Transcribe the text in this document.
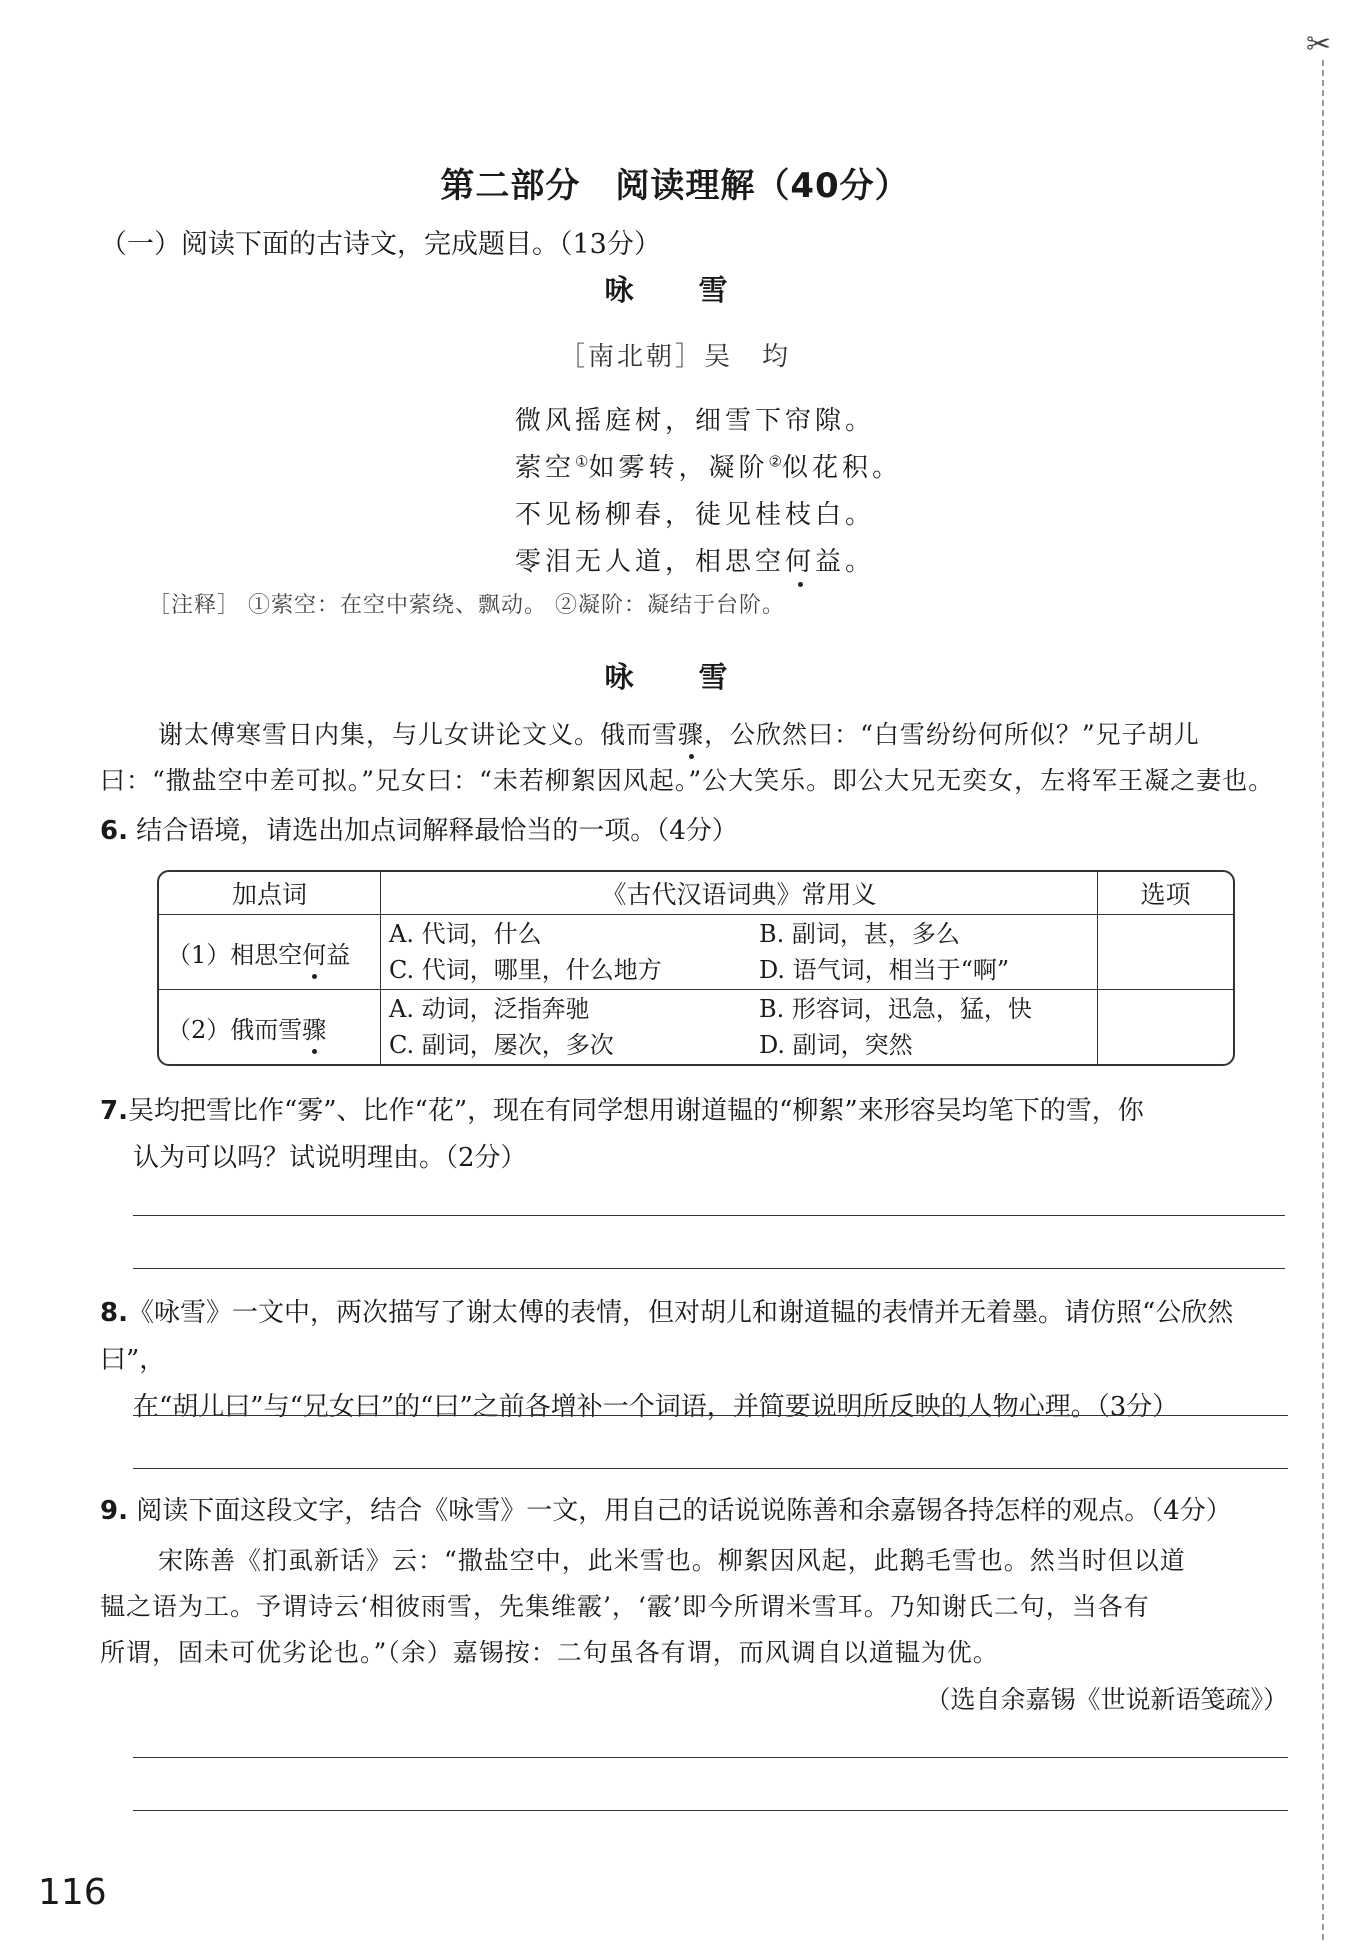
✂
第二部分　阅读理解（40分）
（一）阅读下面的古诗文，完成题目。（13分）
咏　雪
［南北朝］吴　均
微风摇庭树，细雪下帘隙。
萦空①如雾转，凝阶②似花积。
不见杨柳春，徒见桂枝白。
零泪无人道，相思空何
益。
［注释］ ①萦空：在空中萦绕、飘动。 ②凝阶：凝结于台阶。
咏　雪
谢太傅寒雪日内集，与儿女讲论文义。俄而雪骤
，公欣然曰：“白雪纷纷何所似？”兄子胡儿曰：“撒盐空中差可拟。”兄女曰：“未若柳絮因风起。”公大笑乐。即公大兄无奕女，左将军王凝之妻也。
6. 结合语境，请选出加点词解释最恰当的一项。（4分）
加点词	《古代汉语词典》常用义	选项
（1）相思空何
益	A. 代词，什么 B. 副词，甚，多么
C. 代词，哪里，什么地方 D. 语气词，相当于“啊”	

（2）俄而雪骤	A. 动词，泛指奔驰 B. 形容词，迅急，猛，快
C. 副词，屡次，多次 D. 副词，突然	

7.吴均把雪比作“雾”、比作“花”，现在有同学想用谢道韫的“柳絮”来形容吴均笔下的雪，你
认为可以吗？试说明理由。（2分）
8.《咏雪》一文中，两次描写了谢太傅的表情，但对胡儿和谢道韫的表情并无着墨。请仿照“公欣然曰”，
在“胡儿曰”与“兄女曰”的“曰”之前各增补一个词语，并简要说明所反映的人物心理。（3分）
9. 阅读下面这段文字，结合《咏雪》一文，用自己的话说说陈善和余嘉锡各持怎样的观点。（4分）
宋陈善《扪虱新话》云：“撒盐空中，此米雪也。柳絮因风起，此鹅毛雪也。然当时但以道
韫之语为工。予谓诗云‘相彼雨雪，先集维霰’，‘霰’即今所谓米雪耳。乃知谢氏二句，当各有
所谓，固未可优劣论也。”（余）嘉锡按：二句虽各有谓，而风调自以道韫为优。
（选自余嘉锡《世说新语笺疏》）
116
